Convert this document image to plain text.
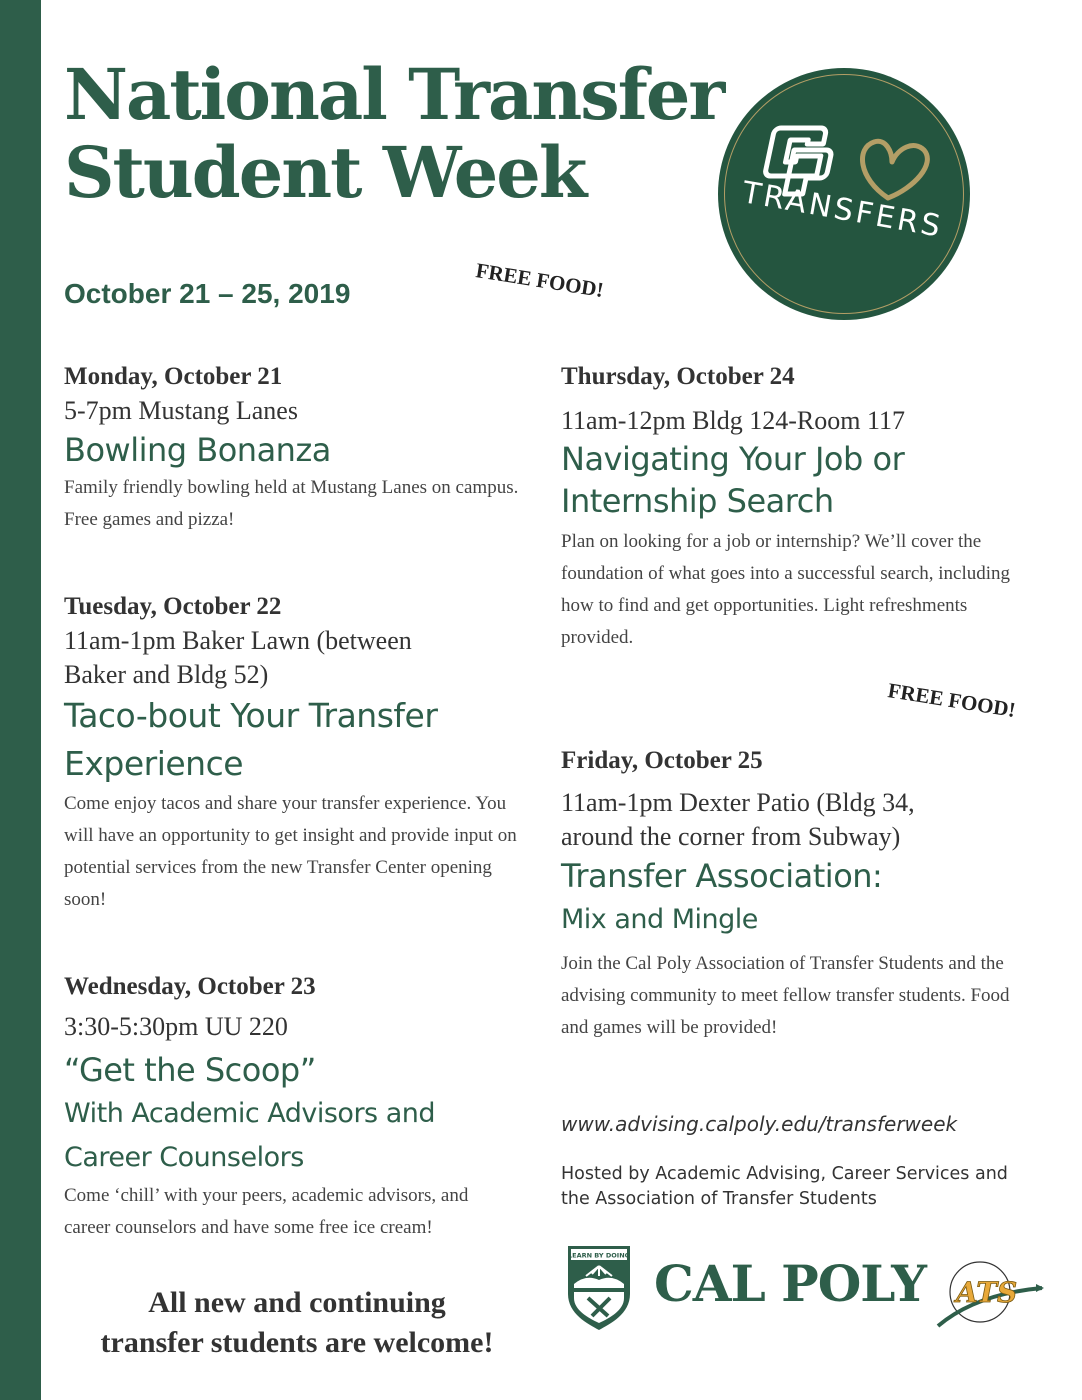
National Transfer
Student Week
October 21 – 25, 2019	FREE FOOD!
FREE FOOD!
TRANSFERS
Monday, October 21
5-7pm Mustang Lanes
Bowling Bonanza
Family friendly bowling held at Mustang Lanes on campus. Free games and pizza!
Tuesday, October 22
11am-1pm Baker Lawn (between Baker and Bldg 52)
Taco-bout Your Transfer Experience
Come enjoy tacos and share your transfer experience. You will have an opportunity to get insight and provide input on potential services from the new Transfer Center opening soon!
Wednesday, October 23
3:30-5:30pm UU 220
“Get the Scoop”
With Academic Advisors and Career Counselors
Come ‘chill’ with your peers, academic advisors, and career counselors and have some free ice cream!
Thursday, October 24
11am-12pm Bldg 124-Room 117
Navigating Your Job or Internship Search
Plan on looking for a job or internship? We’ll cover the foundation of what goes into a successful search, including how to find and get opportunities. Light refreshments provided.
Friday, October 25
11am-1pm Dexter Patio (Bldg 34, around the corner from Subway)
Transfer Association:
Mix and Mingle
Join the Cal Poly Association of Transfer Students and the advising community to meet fellow transfer students. Food and games will be provided!
All new and continuing
transfer students are welcome!
www.advising.calpoly.edu/transferweek
Hosted by Academic Advising, Career Services and the Association of Transfer Students
LEARN BY DOING CAL POLY ATS
